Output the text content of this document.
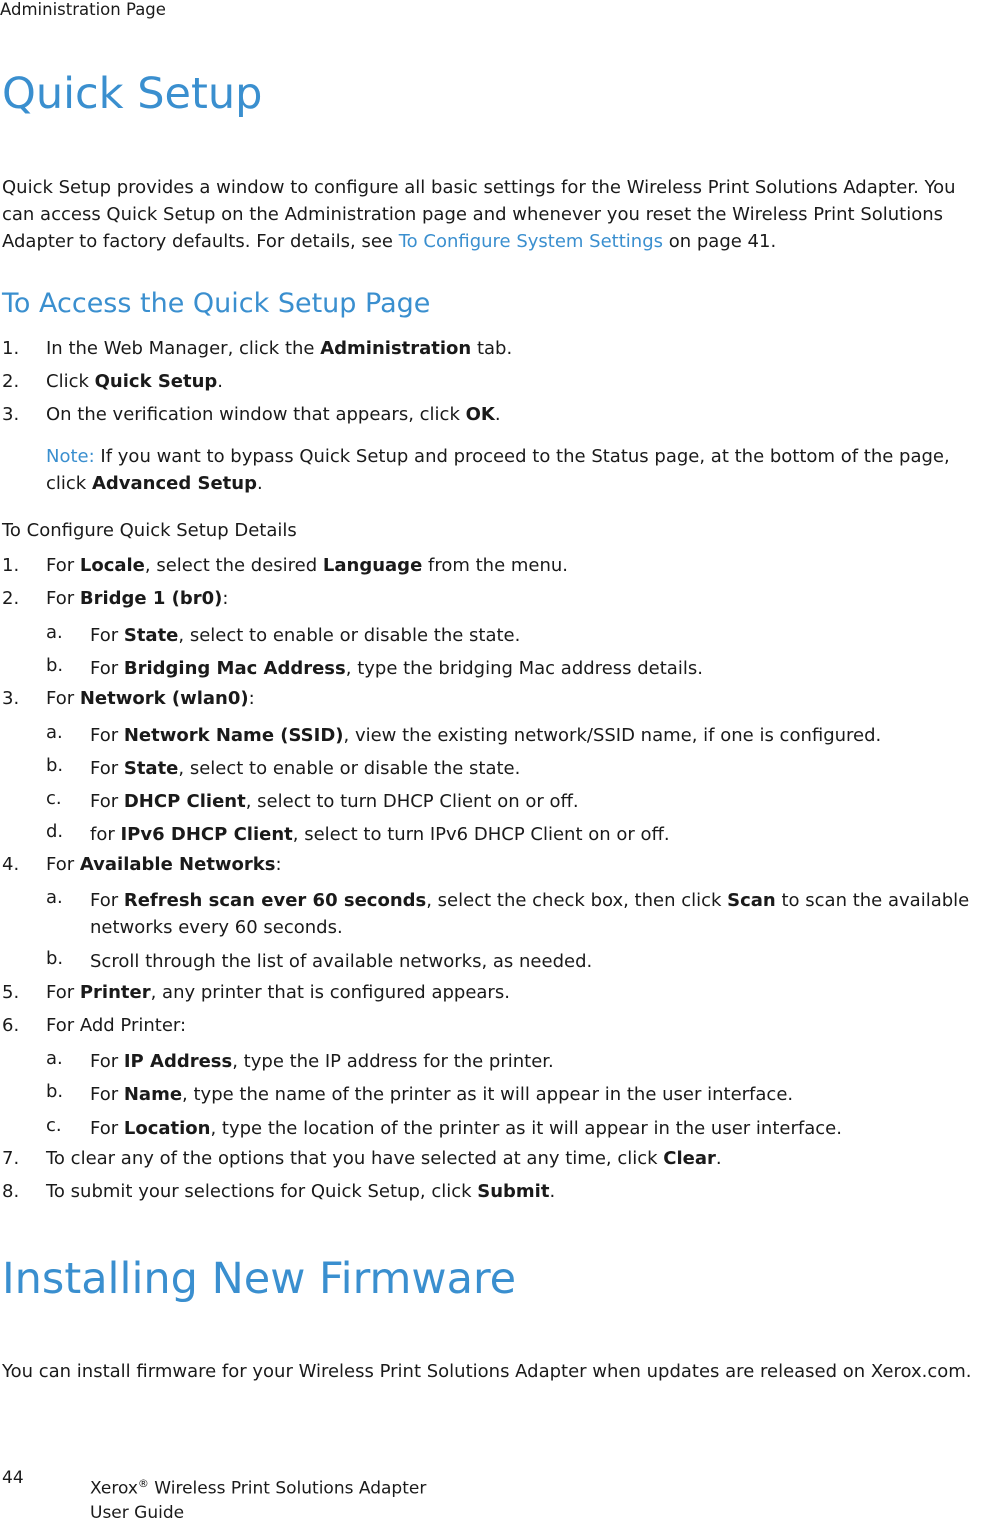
Administration Page
Quick Setup
Quick Setup provides a window to configure all basic settings for the Wireless Print Solutions Adapter. You
can access Quick Setup on the Administration page and whenever you reset the Wireless Print Solutions
Adapter to factory defaults. For details, see To Configure System Settings on page 41.
To Access the Quick Setup Page
1. In the Web Manager, click the Administration tab.
2. Click Quick Setup.
3. On the verification window that appears, click OK.
Note: If you want to bypass Quick Setup and proceed to the Status page, at the bottom of the page,
click Advanced Setup.
To Configure Quick Setup Details
1. For Locale, select the desired Language from the menu.
2. For Bridge 1 (br0):
a. For State, select to enable or disable the state.
b. For Bridging Mac Address, type the bridging Mac address details.
3. For Network (wlan0):
a. For Network Name (SSID), view the existing network/SSID name, if one is configured.
b. For State, select to enable or disable the state.
c. For DHCP Client, select to turn DHCP Client on or off.
d. for IPv6 DHCP Client, select to turn IPv6 DHCP Client on or off.
4. For Available Networks:
a. For Refresh scan ever 60 seconds, select the check box, then click Scan to scan the available
networks every 60 seconds.
b. Scroll through the list of available networks, as needed.
5. For Printer, any printer that is configured appears.
6. For Add Printer:
a. For IP Address, type the IP address for the printer.
b. For Name, type the name of the printer as it will appear in the user interface.
c. For Location, type the location of the printer as it will appear in the user interface.
7. To clear any of the options that you have selected at any time, click Clear.
8. To submit your selections for Quick Setup, click Submit.
Installing New Firmware
You can install firmware for your Wireless Print Solutions Adapter when updates are released on Xerox.com.
44
Xerox® Wireless Print Solutions Adapter
User Guide
